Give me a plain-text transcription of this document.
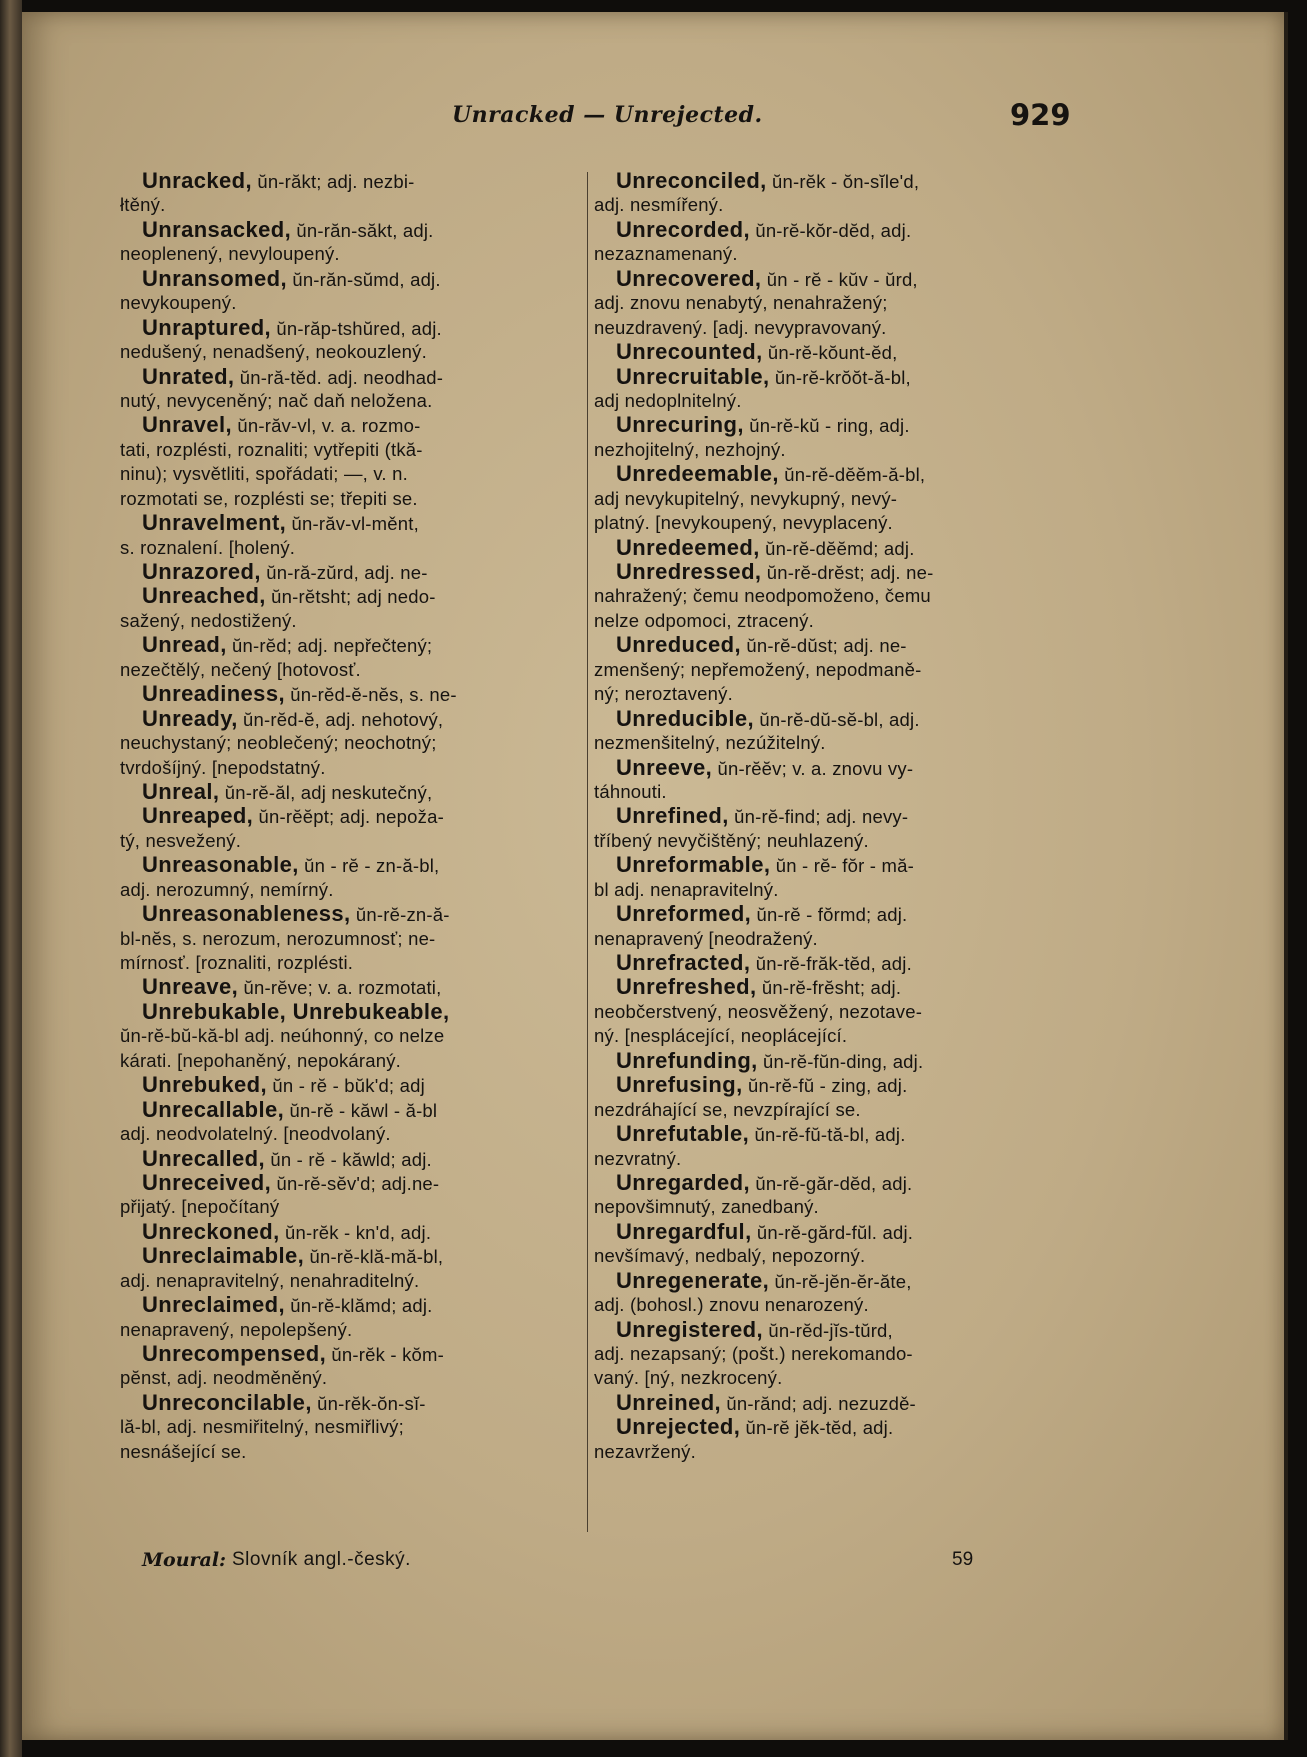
Unracked — Unrejected.	929
Unracked, ŭn-răkt; adj. nezbi-
łtěný.
Unransacked, ŭn-răn-săkt, adj.
neoplenený, nevyloupený.
Unransomed, ŭn-răn-sŭmd, adj.
nevykoupený.
Unraptured, ŭn-răp-tshŭred, adj.
nedušený, nenadšený, neokouzlený.
Unrated, ŭn-ră-těd. adj. neodhad-
nutý, nevyceněný; nač daň neložena.
Unravel, ŭn-răv-vl, v. a. rozmo-
tati, rozplésti, roznaliti; vytřepiti (tkă-
ninu); vysvětliti, spořádati; —, v. n.
rozmotati se, rozplésti se; třepiti se.
Unravelment, ŭn-răv-vl-měnt,
s. roznalení. [holený.
Unrazored, ŭn-ră-zŭrd, adj. ne-
Unreached, ŭn-rĕtsht; adj nedo-
sažený, nedostižený.
Unread, ŭn-rĕd; adj. nepřečtený;
nezečtělý, nečený [hotovosť.
Unreadiness, ŭn-rĕd-ĕ-nĕs, s. ne-
Unready, ŭn-rĕd-ĕ, adj. nehotový,
neuchystaný; neoblečený; neochotný;
tvrdošíjný. [nepodstatný.
Unreal, ŭn-rĕ-ăl, adj neskutečný,
Unreaped, ŭn-rĕĕpt; adj. nepoža-
tý, nesvežený.
Unreasonable, ŭn - rĕ - zn-ă-bl,
adj. nerozumný, nemírný.
Unreasonableness, ŭn-rĕ-zn-ă-
bl-nĕs, s. nerozum, nerozumnosť; ne-
mírnosť. [roznaliti, rozplésti.
Unreave, ŭn-rĕve; v. a. rozmotati,
Unrebukable, Unrebukeable,
ŭn-rĕ-bŭ-kă-bl adj. neúhonný, co nelze
kárati. [nepohaněný, nepokáraný.
Unrebuked, ŭn - rĕ - bŭk'd; adj
Unrecallable, ŭn-rĕ - kăwl - ă-bl
adj. neodvolatelný. [neodvolaný.
Unrecalled, ŭn - rĕ - kăwld; adj.
Unreceived, ŭn-rĕ-sĕv'd; adj.ne-
přijatý. [nepočítaný
Unreckoned, ŭn-rĕk - kn'd, adj.
Unreclaimable, ŭn-rĕ-klă-mă-bl,
adj. nenapravitelný, nenahraditelný.
Unreclaimed, ŭn-rĕ-klămd; adj.
nenapravený, nepolepšený.
Unrecompensed, ŭn-rĕk - kŏm-
pĕnst, adj. neodměněný.
Unreconcilable, ŭn-rĕk-ŏn-sĭ-
lă-bl, adj. nesmiřitelný, nesmiřlivý;
nesnášející se.
Unreconciled, ŭn-rĕk - ŏn-sĭle'd,
adj. nesmířený.
Unrecorded, ŭn-rĕ-kŏr-dĕd, adj.
nezaznamenaný.
Unrecovered, ŭn - rĕ - kŭv - ŭrd,
adj. znovu nenabytý, nenahražený;
neuzdravený. [adj. nevypravovaný.
Unrecounted, ŭn-rĕ-kŏunt-ĕd,
Unrecruitable, ŭn-rĕ-krŏŏt-ă-bl,
adj nedoplnitelný.
Unrecuring, ŭn-rĕ-kŭ - ring, adj.
nezhojitelný, nezhojný.
Unredeemable, ŭn-rĕ-dĕĕm-ă-bl,
adj nevykupitelný, nevykupný, nevý-
platný. [nevykoupený, nevyplacený.
Unredeemed, ŭn-rĕ-dĕĕmd; adj.
Unredressed, ŭn-rĕ-drĕst; adj. ne-
nahražený; čemu neodpomoženo, čemu
nelze odpomoci, ztracený.
Unreduced, ŭn-rĕ-dŭst; adj. ne-
zmenšený; nepřemožený, nepodmaně-
ný; neroztavený.
Unreducible, ŭn-rĕ-dŭ-sĕ-bl, adj.
nezmenšitelný, nezúžitelný.
Unreeve, ŭn-rĕĕv; v. a. znovu vy-
táhnouti.
Unrefined, ŭn-rĕ-find; adj. nevy-
tříbený nevyčištěný; neuhlazený.
Unreformable, ŭn - rĕ- fŏr - mă-
bl adj. nenapravitelný.
Unreformed, ŭn-rĕ - fŏrmd; adj.
nenapravený [neodražený.
Unrefracted, ŭn-rĕ-frăk-tĕd, adj.
Unrefreshed, ŭn-rĕ-frĕsht; adj.
neobčerstvený, neosvěžený, nezotave-
ný. [nesplácející, neoplácející.
Unrefunding, ŭn-rĕ-fŭn-ding, adj.
Unrefusing, ŭn-rĕ-fŭ - zing, adj.
nezdráhající se, nevzpírající se.
Unrefutable, ŭn-rĕ-fŭ-tă-bl, adj.
nezvratný.
Unregarded, ŭn-rĕ-găr-dĕd, adj.
nepovšimnutý, zanedbaný.
Unregardful, ŭn-rĕ-gărd-fŭl. adj.
nevšímavý, nedbalý, nepozorný.
Unregenerate, ŭn-rĕ-jĕn-ĕr-ăte,
adj. (bohosl.) znovu nenarozený.
Unregistered, ŭn-rĕd-jĭs-tŭrd,
adj. nezapsaný; (pošt.) nerekomando-
vaný. [ný, nezkrocený.
Unreined, ŭn-rănd; adj. nezuzdě-
Unrejected, ŭn-rĕ jĕk-tĕd, adj.
nezavržený.
Moural: Slovník angl.-český.	59
